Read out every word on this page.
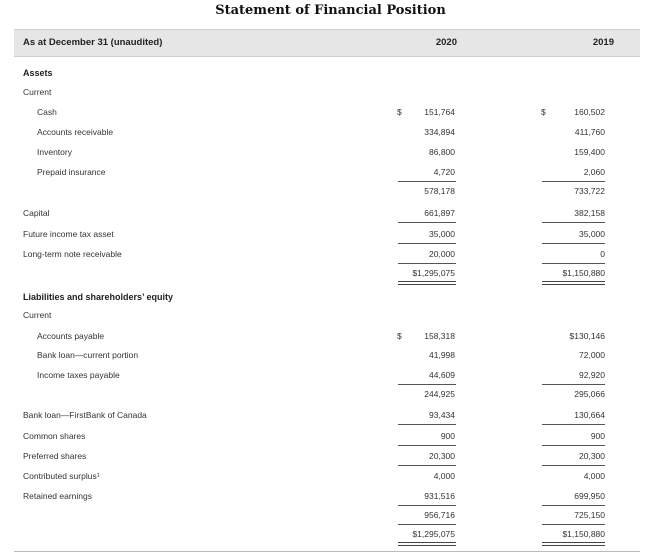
Statement of Financial Position
As at December 31 (unaudited)	2020	2019
Assets
Current
Cash	$	151,764	$	160,502
Accounts receivable	334,894	411,760
Inventory	86,800	159,400
Prepaid insurance	4,720	2,060
578,178	733,722
Capital	661,897	382,158
Future income tax asset	35,000	35,000
Long-term note receivable	20,000	0
$1,295,075	$1,150,880
Liabilities and shareholders’ equity
Current
Accounts payable	$	158,318	$130,146
Bank loan—current portion	41,998	72,000
Income taxes payable	44,609	92,920
244,925	295,066
Bank loan—FirstBank of Canada	93,434	130,664
Common shares	900	900
Preferred shares	20,300	20,300
Contributed surplus¹	4,000	4,000
Retained earnings	931,516	699,950
956,716	725,150
$1,295,075	$1,150,880
